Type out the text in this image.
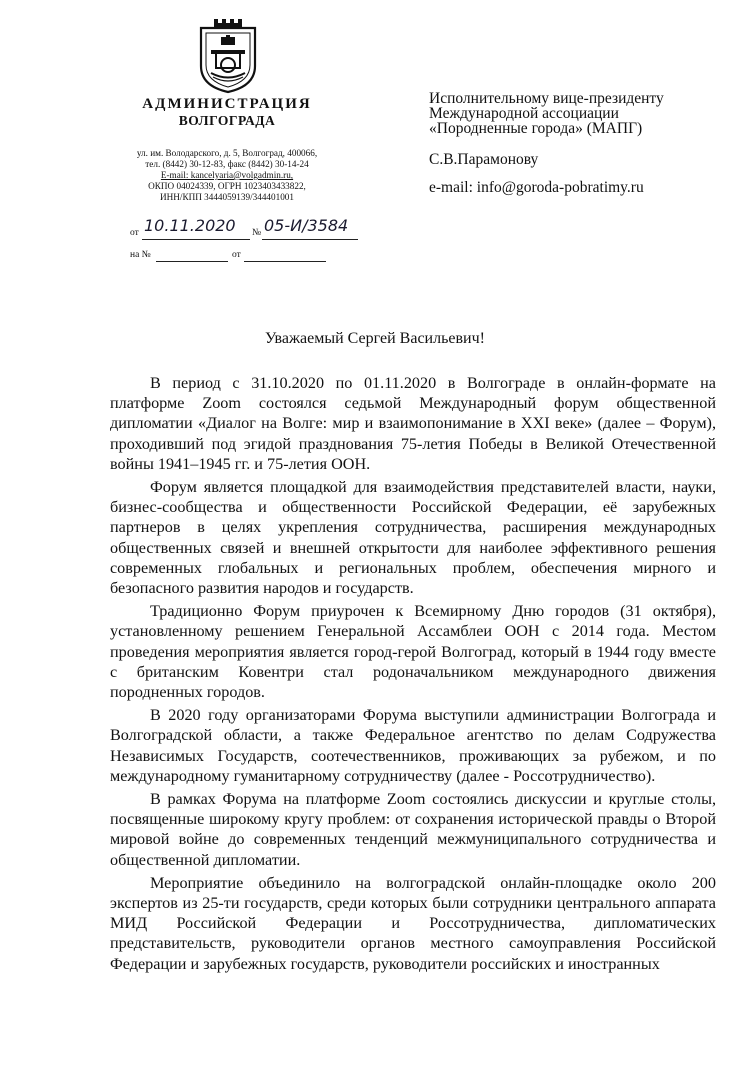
АДМИНИСТРАЦИЯ
ВОЛГОГРАДА
ул. им. Володарского, д. 5, Волгоград, 400066,
тел. (8442) 30-12-83, факс (8442) 30-14-24
E-mail: kancelyaria@volgadmin.ru,
ОКПО 04024339, ОГРН 1023403433822,
ИНН/КПП 3444059139/344401001
от 10.11.2020 № 05-И/3584
на №	от
Исполнительному вице-президенту
Международной ассоциации
«Породненные города» (МАПГ)
С.В.Парамонову
e-mail: info@goroda-pobratimy.ru
Уважаемый Сергей Васильевич!

В период с 31.10.2020 по 01.11.2020 в Волгограде в онлайн-формате на платформе Zoom состоялся седьмой Международный форум общественной дипломатии «Диалог на Волге: мир и взаимопонимание в XXI веке» (далее – Форум), проходивший под эгидой празднования 75-летия Победы в Великой Отечественной войны 1941–1945 гг. и 75-летия ООН.

Форум является площадкой для взаимодействия представителей власти, науки, бизнес-сообщества и общественности Российской Федерации, её зарубежных партнеров в целях укрепления сотрудничества, расширения международных общественных связей и внешней открытости для наиболее эффективного решения современных глобальных и региональных проблем, обеспечения мирного и безопасного развития народов и государств.

Традиционно Форум приурочен к Всемирному Дню городов (31 октября), установленному решением Генеральной Ассамблеи ООН с 2014 года. Местом проведения мероприятия является город-герой Волгоград, который в 1944 году вместе с британским Ковентри стал родоначальником международного движения породненных городов.

В 2020 году организаторами Форума выступили администрации Волгограда и Волгоградской области, а также Федеральное агентство по делам Содружества Независимых Государств, соотечественников, проживающих за рубежом, и по международному гуманитарному сотрудничеству (далее - Россотрудничество).

В рамках Форума на платформе Zoom состоялись дискуссии и круглые столы, посвященные широкому кругу проблем: от сохранения исторической правды о Второй мировой войне до современных тенденций межмуниципального сотрудничества и общественной дипломатии.

Мероприятие объединило на волгоградской онлайн-площадке около 200 экспертов из 25-ти государств, среди которых были сотрудники центрального аппарата МИД Российской Федерации и Россотрудничества, дипломатических представительств, руководители органов местного самоуправления Российской Федерации и зарубежных государств, руководители российских и иностранных
